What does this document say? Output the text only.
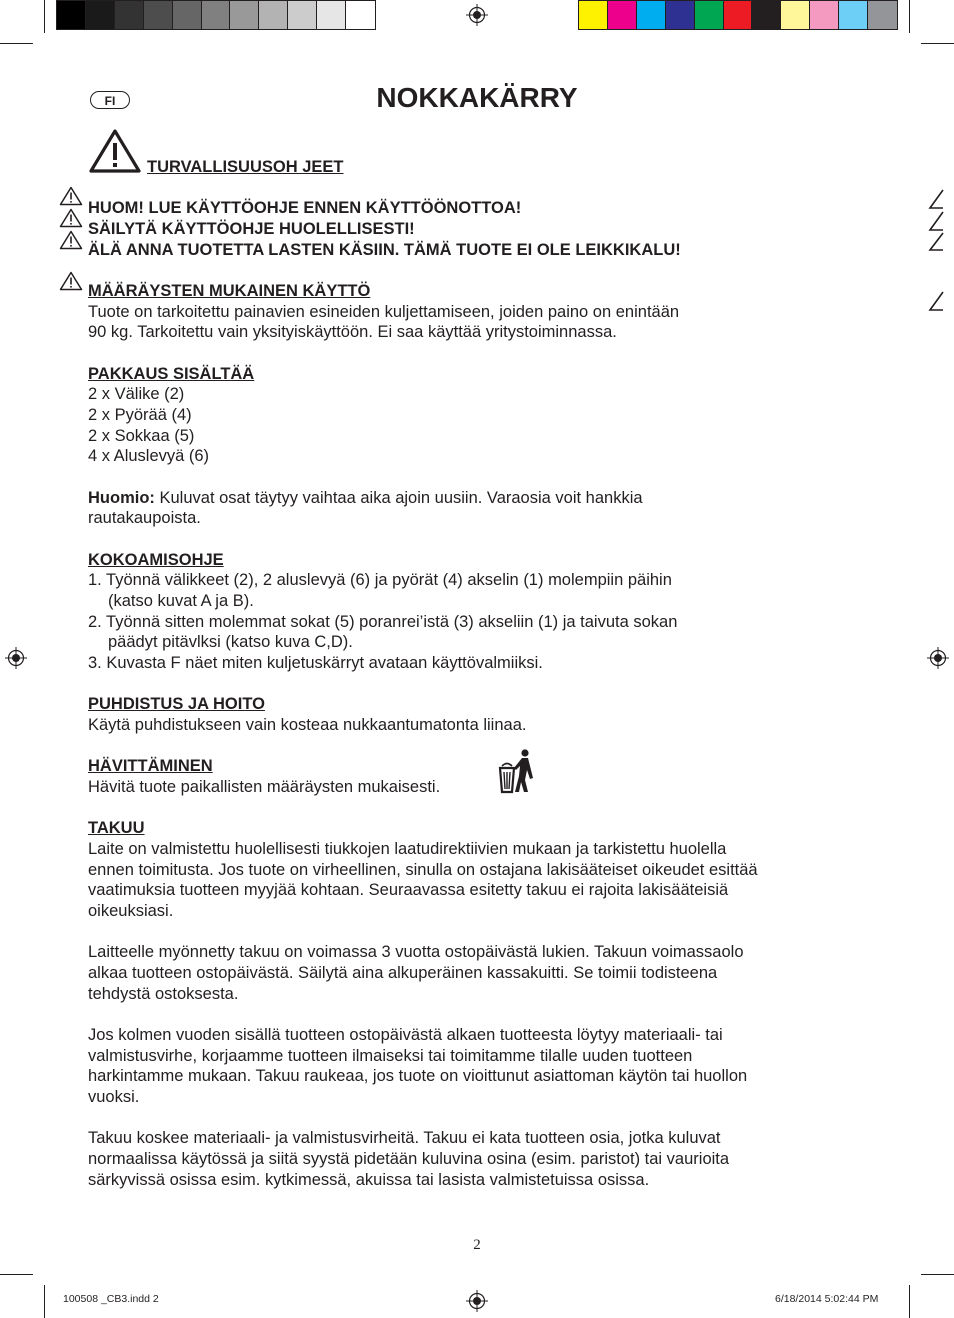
FI	NOKKAKÄRRY
TURVALLISUUSOH JEET
HUOM! LUE KÄYTTÖOHJE ENNEN KÄYTTÖÖNOTTOA!
SÄILYTÄ KÄYTTÖOHJE HUOLELLISESTI!
ÄLÄ ANNA TUOTETTA LASTEN KÄSIIN. TÄMÄ TUOTE EI OLE LEIKKIKALU!
MÄÄRÄYSTEN MUKAINEN KÄYTTÖ
Tuote on tarkoitettu painavien esineiden kuljettamiseen, joiden paino on enintään
90 kg. Tarkoitettu vain yksityiskäyttöön. Ei saa käyttää yritystoiminnassa.
PAKKAUS SISÄLTÄÄ
2 x Välike (2)
2 x Pyörää (4)
2 x Sokkaa (5)
4 x Aluslevyä (6)
Huomio: Kuluvat osat täytyy vaihtaa aika ajoin uusiin. Varaosia voit hankkia
rautakaupoista.
KOKOAMISOHJE
1. Työnnä välikkeet (2), 2 aluslevyä (6) ja pyörät (4) akselin (1) molempiin päihin
(katso kuvat A ja B).
2. Työnnä sitten molemmat sokat (5) poranrei’istä (3) akseliin (1) ja taivuta sokan
päädyt pitävlksi (katso kuva C,D).
3. Kuvasta F näet miten kuljetuskärryt avataan käyttövalmiiksi.
PUHDISTUS JA HOITO
Käytä puhdistukseen vain kosteaa nukkaantumatonta liinaa.
HÄVITTÄMINEN
Hävitä tuote paikallisten määräysten mukaisesti.
TAKUU
Laite on valmistettu huolellisesti tiukkojen laatudirektiivien mukaan ja tarkistettu huolella
ennen toimitusta. Jos tuote on virheellinen, sinulla on ostajana lakisääteiset oikeudet esittää
vaatimuksia tuotteen myyjää kohtaan. Seuraavassa esitetty takuu ei rajoita lakisääteisiä
oikeuksiasi.
Laitteelle myönnetty takuu on voimassa 3 vuotta ostopäivästä lukien. Takuun voimassaolo
alkaa tuotteen ostopäivästä. Säilytä aina alkuperäinen kassakuitti. Se toimii todisteena
tehdystä ostoksesta.
Jos kolmen vuoden sisällä tuotteen ostopäivästä alkaen tuotteesta löytyy materiaali- tai
valmistusvirhe, korjaamme tuotteen ilmaiseksi tai toimitamme tilalle uuden tuotteen
harkintamme mukaan. Takuu raukeaa, jos tuote on vioittunut asiattoman käytön tai huollon
vuoksi.
Takuu koskee materiaali- ja valmistusvirheitä. Takuu ei kata tuotteen osia, jotka kuluvat
normaalissa käytössä ja siitä syystä pidetään kuluvina osina (esim. paristot) tai vaurioita
särkyvissä osissa esim. kytkimessä, akuissa tai lasista valmistetuissa osissa.
2
100508 _CB3.indd 2	6/18/2014 5:02:44 PM
